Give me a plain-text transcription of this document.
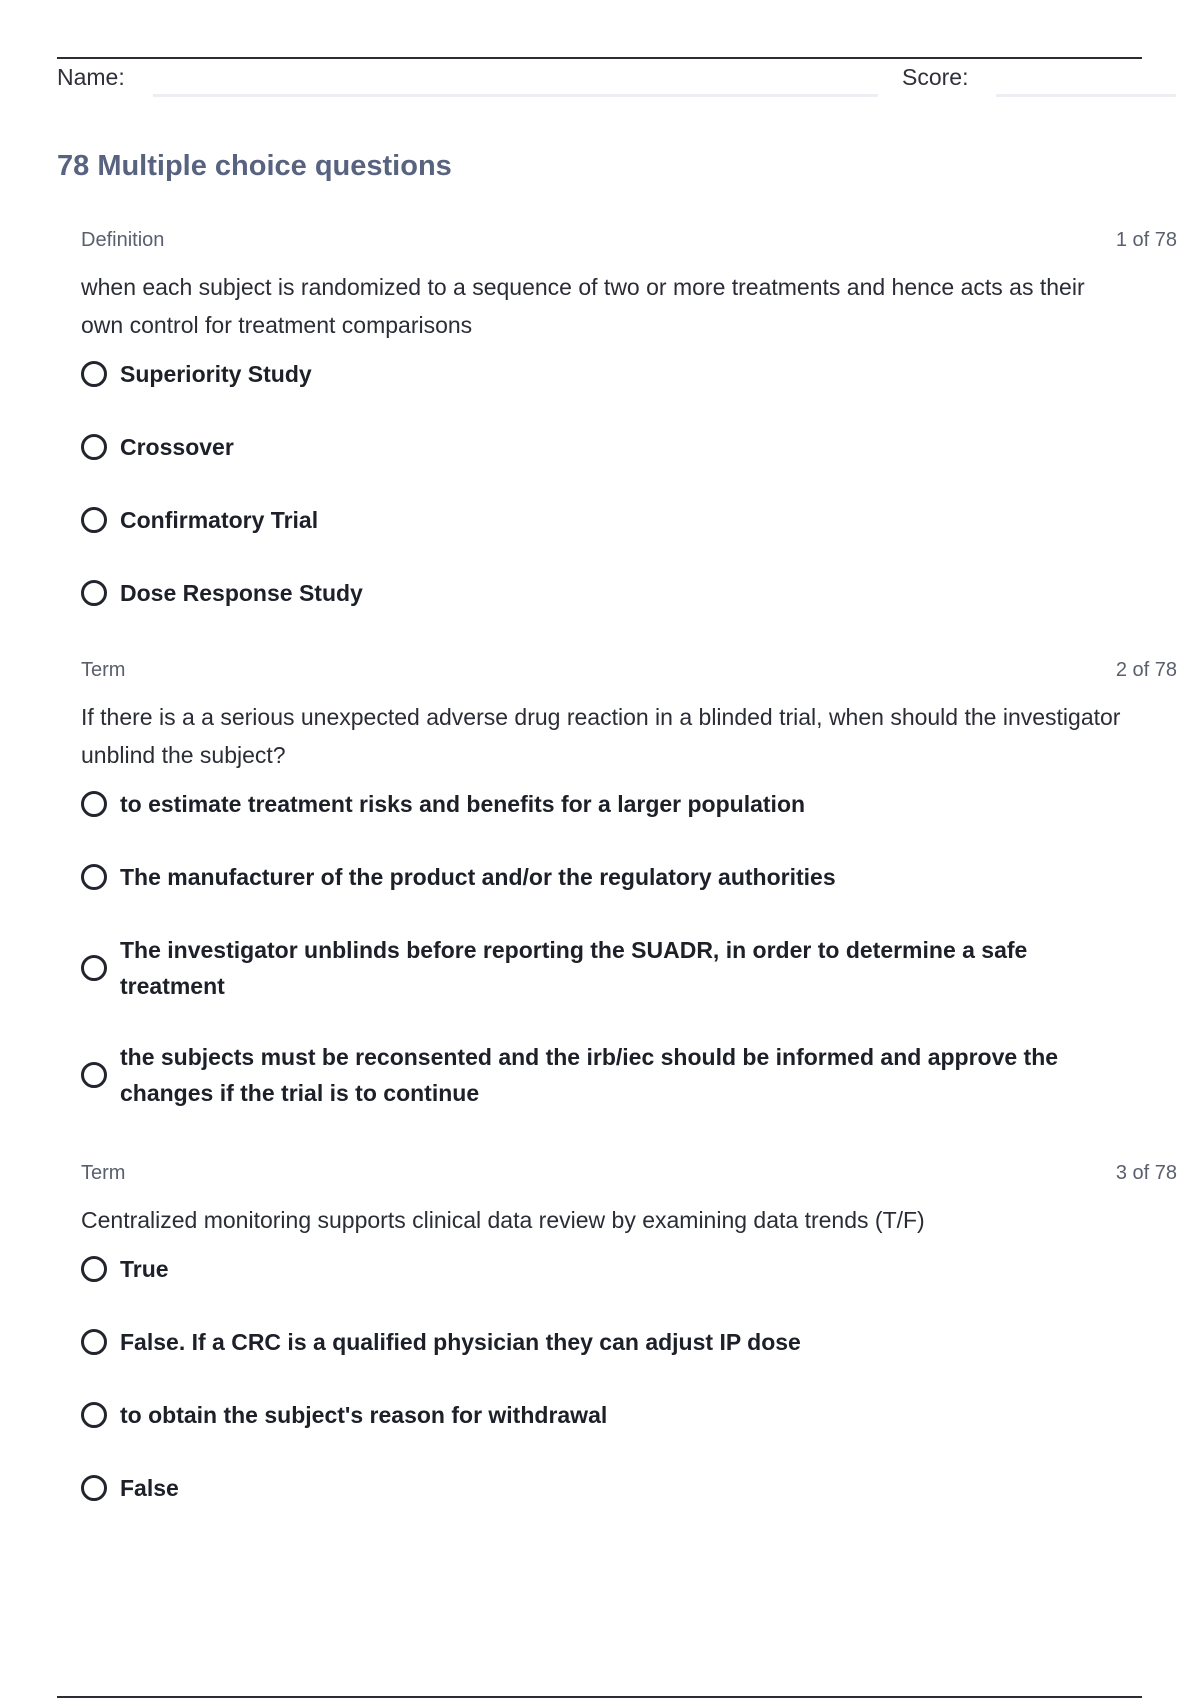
Name:	Score:
78 Multiple choice questions
Definition	1 of 78
when each subject is randomized to a sequence of two or more treatments and hence acts as their own control for treatment comparisons
Superiority Study
Crossover
Confirmatory Trial
Dose Response Study
Term	2 of 78
If there is a a serious unexpected adverse drug reaction in a blinded trial, when should the investigator unblind the subject?
to estimate treatment risks and benefits for a larger population
The manufacturer of the product and/or the regulatory authorities
The investigator unblinds before reporting the SUADR, in order to determine a safe treatment
the subjects must be reconsented and the irb/iec should be informed and approve the changes if the trial is to continue
Term	3 of 78
Centralized monitoring supports clinical data review by examining data trends (T/F)
True
False. If a CRC is a qualified physician they can adjust IP dose
to obtain the subject's reason for withdrawal
False
